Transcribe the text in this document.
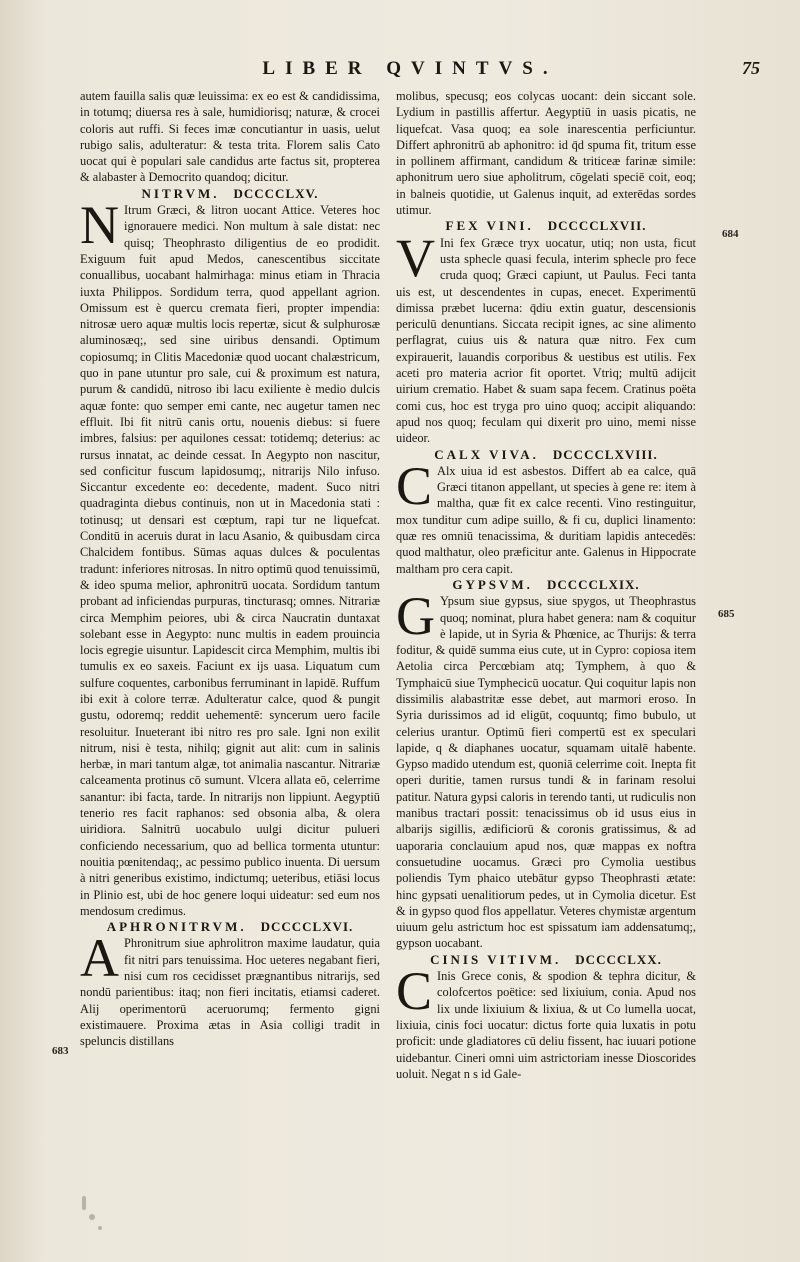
LIBER QVINTVS.	75

autem fauilla salis quæ leuissima: ex eo est & candidissima, in totumq; diuersa res à sale, humidiorisq; naturæ, & crocei coloris aut ruffi. Si feces imæ concutiantur in uasis, uelut rubigo salis, adulteratur: & testa trita. Florem salis Cato uocat qui è populari sale candidus arte factus sit, propterea & alabaster à Democrito quandoq; dicitur.

NITRVM. DCCCCLXV.

N Itrum Græci, & litron uocant Attice. Veteres hoc ignorauere medici. Non multum à sale distat: nec quisq; Theophrasto diligentius de eo prodidit. Exiguum fuit apud Medos, canescentibus siccitate conuallibus, uocabant halmirhaga: minus etiam in Thracia iuxta Philippos. Sordidum terra, quod appellant agrion. Omissum est è quercu cremata fieri, propter impendia: nitrosæ uero aquæ multis locis repertæ, sicut & sulphurosæ aluminosæq;, sed sine uiribus densandi. Optimum copiosumq; in Clitis Macedoniæ quod uocant chalæstricum, quo in pane utuntur pro sale, cui & proximum est natura, purum & candidū, nitroso ibi lacu exiliente è medio dulcis aquæ fonte: quo semper emi cante, nec augetur tamen nec effluit. Ibi fit nitrū canis ortu, nouenis diebus: si fuere imbres, falsius: per aquilones cessat: totidemq; deterius: ac rursus innatat, ac deinde cessat. In Aegypto non nascitur, sed conficitur fuscum lapidosumq;, nitrarijs Nilo infuso. Siccantur excedente eo: decedente, madent. Suco nitri quadraginta diebus continuis, non ut in Macedonia stati : totinusq; ut densari est cœptum, rapi tur ne liquefcat. Conditū in aceruis durat in lacu Asanio, & quibusdam circa Chalcidem fontibus. Sūmas aquas dulces & poculentas tradunt: inferiores nitrosas. In nitro optimū quod tenuissimū, & ideo spuma melior, aphronitrū uocata. Sordidum tantum probant ad inficiendas purpuras, tincturasq; omnes. Nitrariæ circa Memphim peiores, ubi & circa Naucratin duntaxat solebant esse in Aegypto: nunc multis in eadem prouincia locis egregie uisuntur. Lapidescit circa Memphim, multis ibi tumulis ex eo saxeis. Faciunt ex ijs uasa. Liquatum cum sulfure coquentes, carbonibus ferruminant in lapidē. Ruffum ibi exit à colore terræ. Adulteratur calce, quod & pungit gustu, odoremq; reddit uehementē: syncerum uero facile resoluitur. Inueterant ibi nitro res pro sale. Igni non exilit nitrum, nisi è testa, nihilq; gignit aut alit: cum in salinis herbæ, in mari tantum algæ, tot animalia nascantur. Nitrariæ calceamenta protinus cō sumunt. Vlcera allata eō, celerrime sanantur: ibi facta, tarde. In nitrarijs non lippiunt. Aegyptiū tenerio res facit raphanos: sed obsonia alba, & olera uiridiora. Salnitrū uocabulo uulgi dicitur pulueri conficiendo necessarium, quo ad bellica tormenta utuntur: nouitia pœnitendaq;, ac pessimo publico inuenta. Di uersum à nitri generibus existimo, indictumq; ueteribus, etiāsi locus in Plinio est, ubi de hoc genere loqui uideatur: sed eum nos mendosum credimus.

APHRONITRVM. DCCCCLXVI.

A Phronitrum siue aphrolitron maxime laudatur, quia fit nitri pars tenuissima. Hoc ueteres negabant fieri, nisi cum ros cecidisset prægnantibus nitrarijs, sed nondū parientibus: itaq; non fieri incitatis, etiamsi caderet. Alij operimentorū aceruorumq; fermento gigni existimauere. Proxima ætas in Asia colligi tradit in speluncis distillans

molibus, specusq; eos colycas uocant: dein siccant sole. Lydium in pastillis affertur. Aegyptiū in uasis picatis, ne liquefcat. Vasa quoq; ea sole inarescentia perficiuntur. Differt aphronitrū ab aphonitro: id q̄d spuma fit, tritum esse in pollinem affirmant, candidum & triticeæ farinæ simile: aphonitrum uero siue apholitrum, cōgelati speciē coit, eoq; in balneis quotidie, ut Galenus inquit, ad exterēdas sordes utimur.

FEX VINI. DCCCCLXVII.

V Ini fex Græce tryx uocatur, utiq; non usta, ficut usta sphecle quasi fecula, interim sphecle pro fece cruda quoq; Græci capiunt, ut Paulus. Feci tanta uis est, ut descendentes in cupas, enecet. Experimentū dimissa præbet lucerna: q̄diu extin guatur, descensionis periculū denuntians. Siccata recipit ignes, ac sine alimento perflagrat, cuius uis & natura quæ nitro. Fex cum expirauerit, lauandis corporibus & uestibus est utilis. Fex aceti pro materia acrior fit oportet. Vtriq; multū adijcit uirium crematio. Habet & suam sapa fecem. Cratinus poëta comi cus, hoc est tryga pro uino quoq; accipit aliquando: apud nos quoq; feculam qui dixerit pro uino, memi nisse uideor.

CALX VIVA. DCCCCLXVIII.

C Alx uiua id est asbestos. Differt ab ea calce, quā Græci titanon appellant, ut species à gene re: item à maltha, quæ fit ex calce recenti. Vino restinguitur, mox tunditur cum adipe suillo, & fi cu, duplici linamento: quæ res omniū tenacissima, & duritiam lapidis antecedēs: quod malthatur, oleo præficitur ante. Galenus in Hippocrate maltham pro cera capit.

GYPSVM. DCCCCLXIX.

G Ypsum siue gypsus, siue spygos, ut Theophrastus quoq; nominat, plura habet genera: nam & coquitur è lapide, ut in Syria & Phœnice, ac Thurijs: & terra foditur, & quidē summa eius cute, ut in Cypro: copiosa item Aetolia circa Percœbiam atq; Tymphem, à quo & Tymphaicū siue Tymphecicū uocatur. Qui coquitur lapis non dissimilis alabastritæ esse debet, aut marmori eroso. In Syria durissimos ad id eligūt, coquuntq; fimo bubulo, ut celerius urantur. Optimū fieri compertū est ex speculari lapide, q & diaphanes uocatur, squamam uitalē habente. Gypso madido utendum est, quoniā celerrime coit. Inepta fit operi duritie, tamen rursus tundi & in farinam resolui patitur. Natura gypsi caloris in terendo tanti, ut rudiculis non manibus tractari possit: tenacissimus ob id usus eius in albarijs sigillis, ædificiorū & coronis gratissimus, & ad uaporaria conclauium apud nos, quæ mappas ex noftra consuetudine uocamus. Græci pro Cymolia uestibus poliendis Tym phaico utebātur gypso Theophrasti ætate: hinc gypsati uenalitiorum pedes, ut in Cymolia dicetur. Est & in gypso quod flos appellatur. Veteres chymistæ argentum uiuum gelu astrictum hoc est spissatum iam addensatumq;, gypson uocabant.

CINIS VITIVM. DCCCCLXX.

C Inis Grece conis, & spodion & tephra dicitur, & colofcertos poëtice: sed lixiuium, conia. Apud nos lix unde lixiuium & lixiua, & ut Co lumella uocat, lixiuia, cinis foci uocatur: dictus forte quia luxatis in potu proficit: unde gladiatores cū deliu fissent, hac iuuari potione uidebantur. Cineri omni uim astrictoriam inesse Dioscorides uoluit. Negat n s id Gale-

684
685
683
